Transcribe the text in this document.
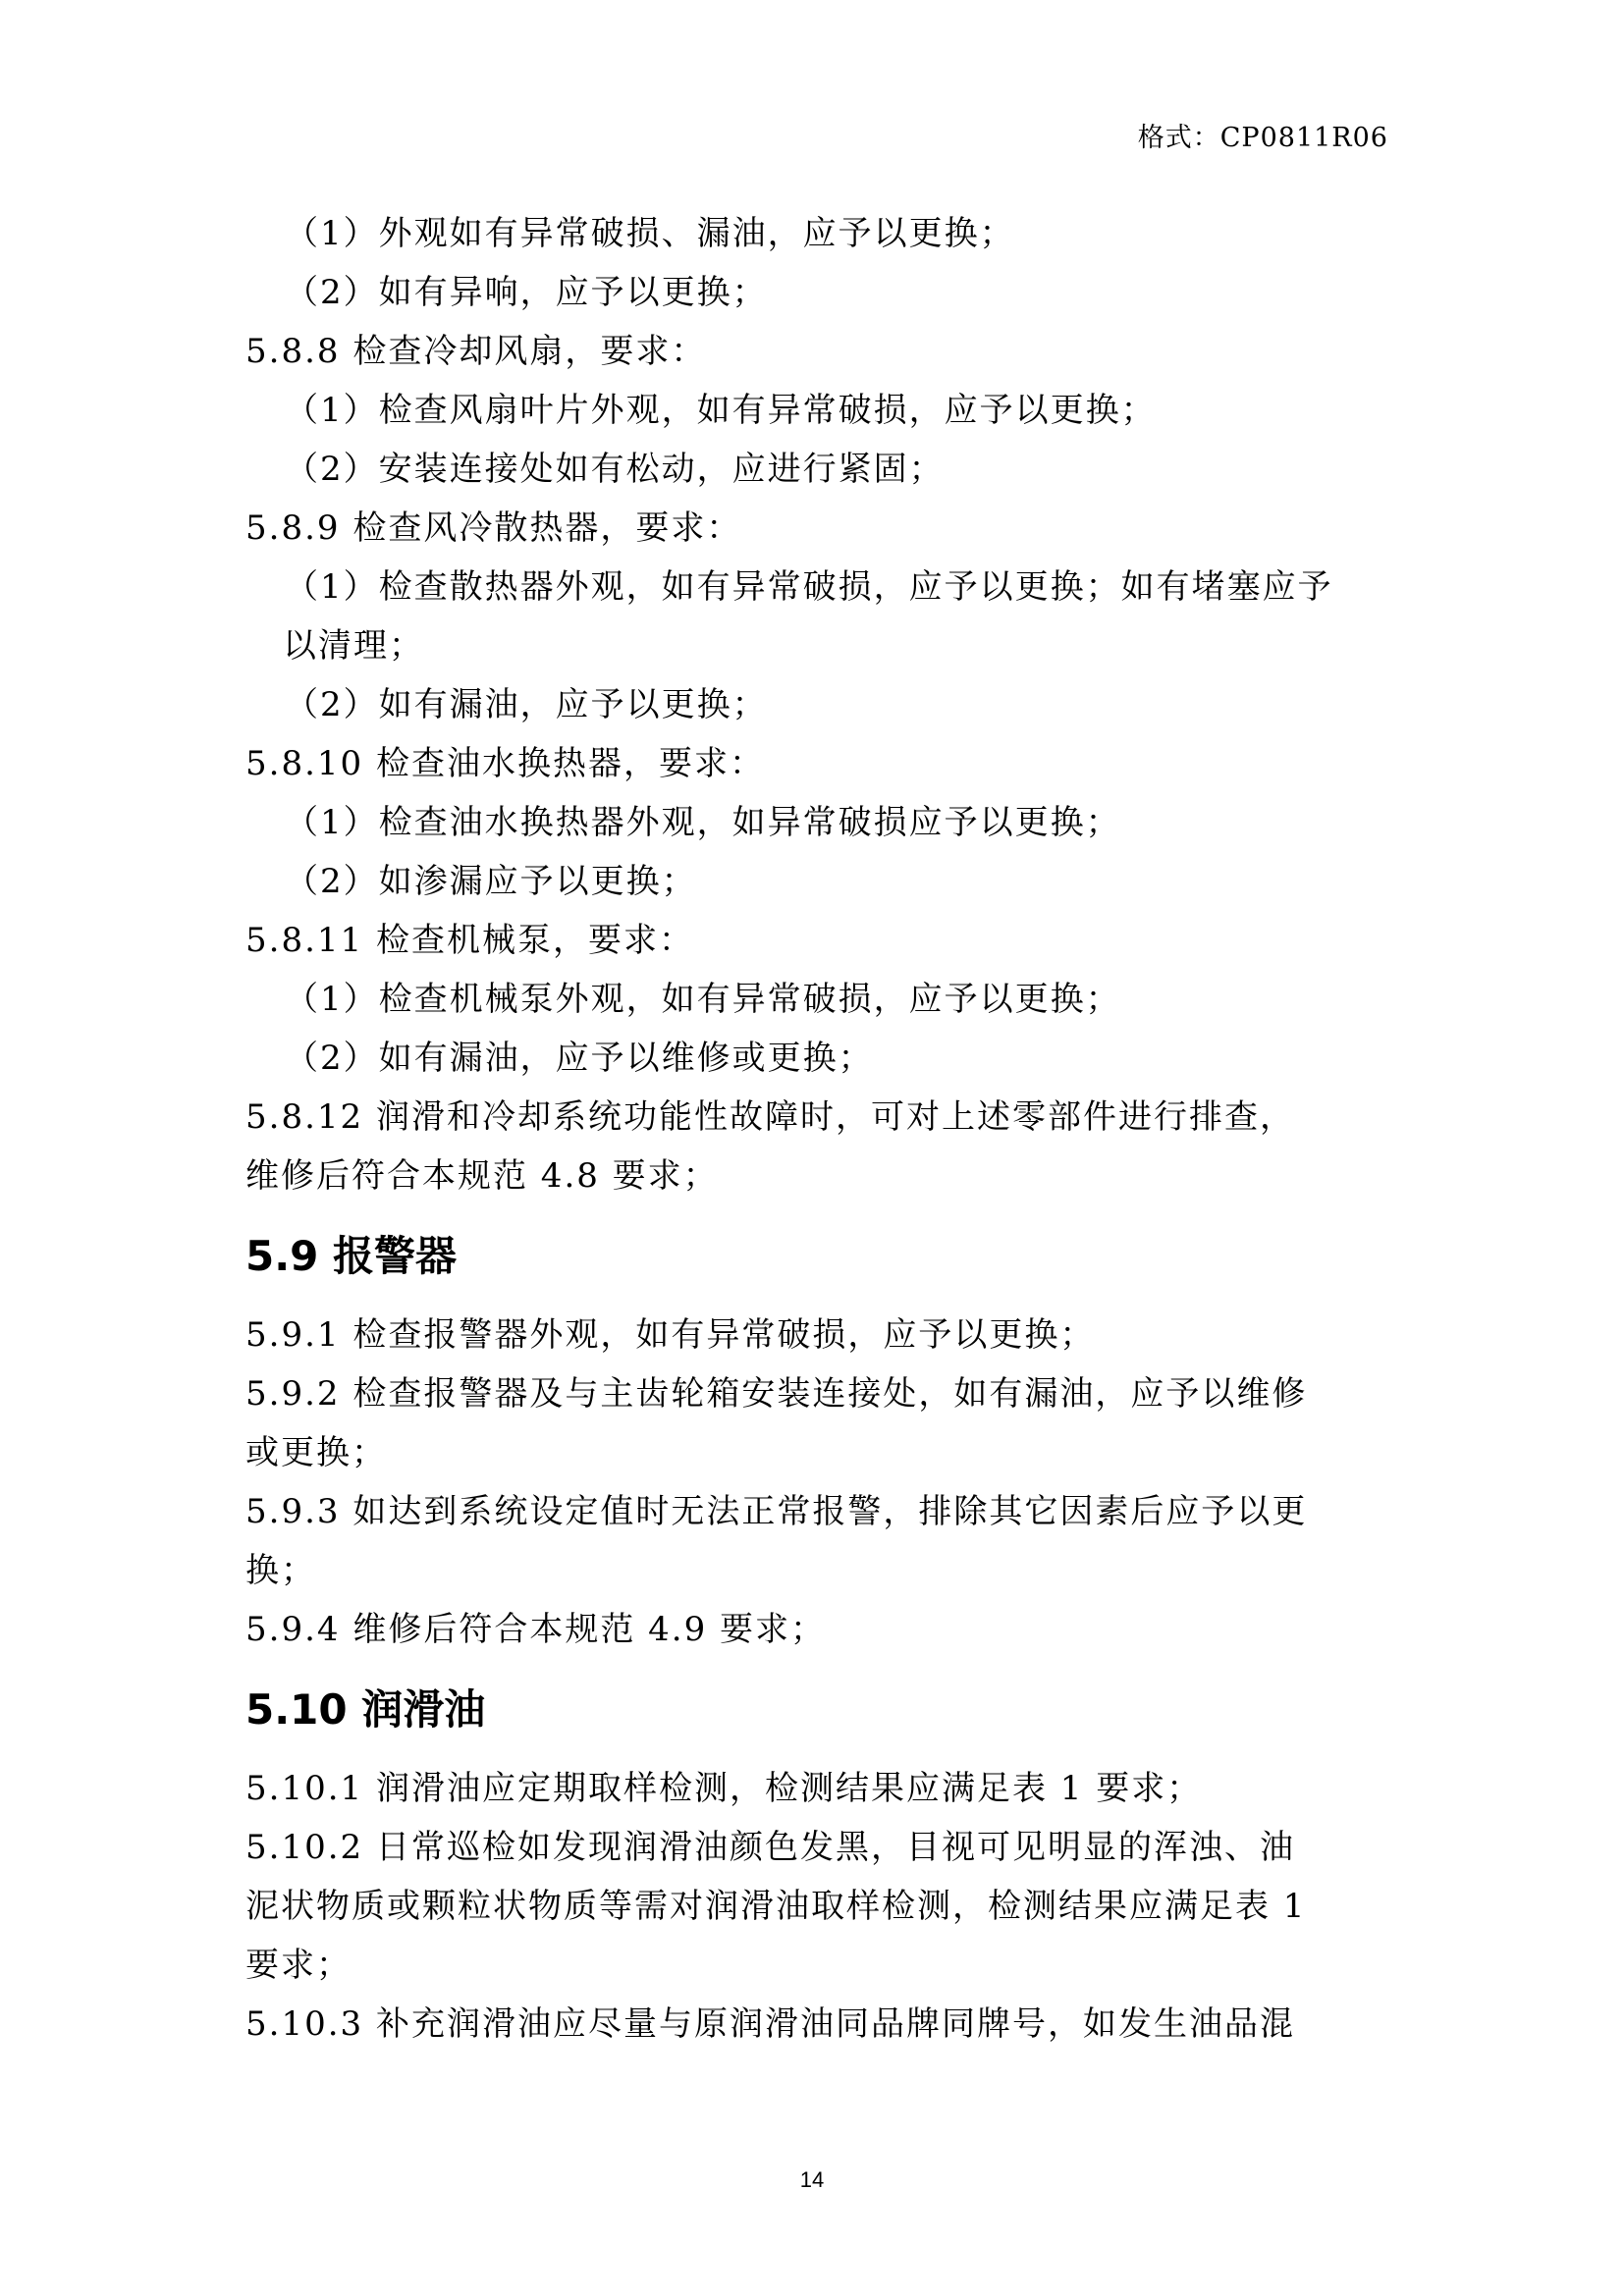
格式：CP0811R06
（1）外观如有异常破损、漏油，应予以更换；
（2）如有异响，应予以更换；
5.8.8 检查冷却风扇，要求：
（1）检查风扇叶片外观，如有异常破损，应予以更换；
（2）安装连接处如有松动，应进行紧固；
5.8.9 检查风冷散热器，要求：
（1）检查散热器外观，如有异常破损，应予以更换；如有堵塞应予
以清理；
（2）如有漏油，应予以更换；
5.8.10 检查油水换热器，要求：
（1）检查油水换热器外观，如异常破损应予以更换；
（2）如渗漏应予以更换；
5.8.11 检查机械泵，要求：
（1）检查机械泵外观，如有异常破损，应予以更换；
（2）如有漏油，应予以维修或更换；
5.8.12 润滑和冷却系统功能性故障时，可对上述零部件进行排查，
维修后符合本规范 4.8 要求；
5.9 报警器
5.9.1 检查报警器外观，如有异常破损，应予以更换；
5.9.2 检查报警器及与主齿轮箱安装连接处，如有漏油，应予以维修
或更换；
5.9.3 如达到系统设定值时无法正常报警，排除其它因素后应予以更
换；
5.9.4 维修后符合本规范 4.9 要求；
5.10 润滑油
5.10.1 润滑油应定期取样检测，检测结果应满足表 1 要求；
5.10.2 日常巡检如发现润滑油颜色发黑，目视可见明显的浑浊、油
泥状物质或颗粒状物质等需对润滑油取样检测，检测结果应满足表 1
要求；
5.10.3 补充润滑油应尽量与原润滑油同品牌同牌号，如发生油品混
14
